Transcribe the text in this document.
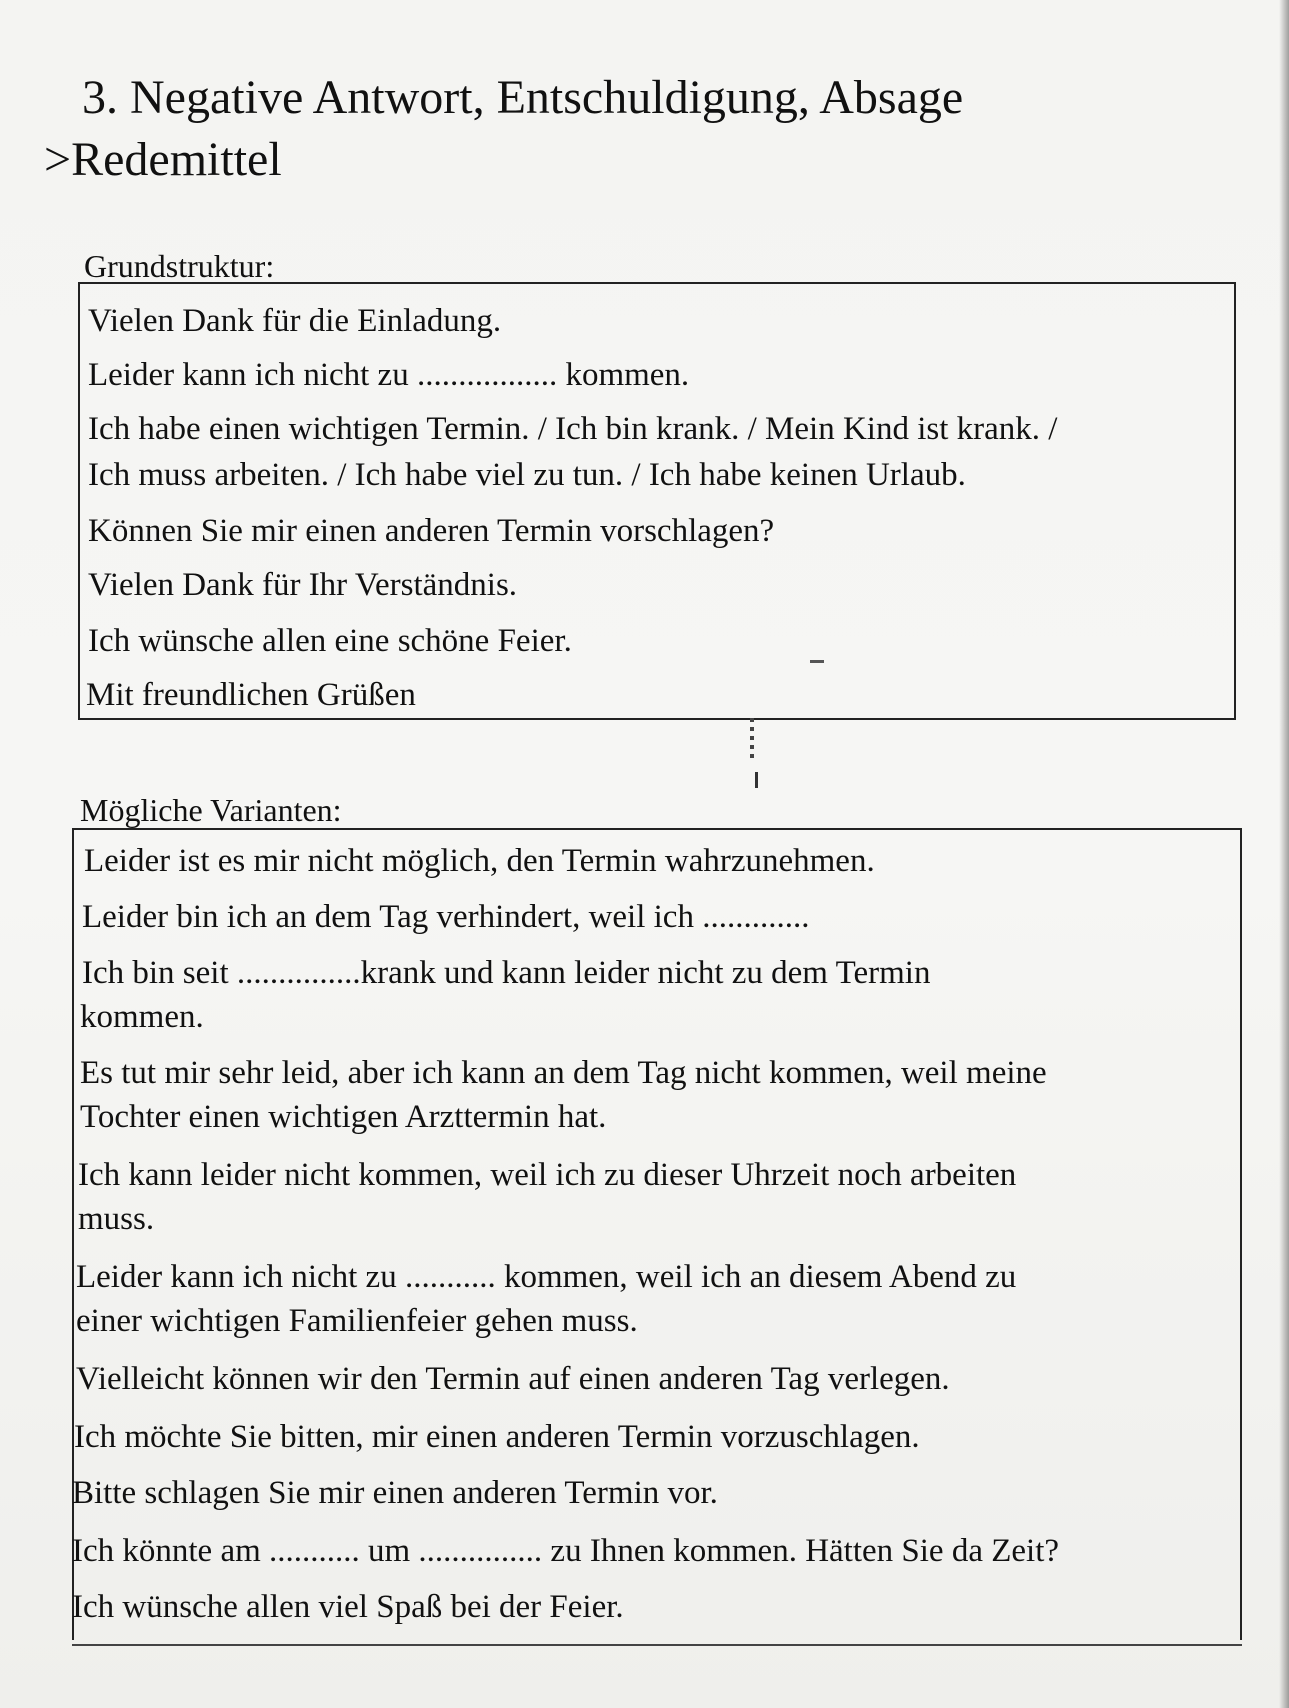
3. Negative Antwort, Entschuldigung, Absage
>Redemittel
Grundstruktur:
Vielen Dank für die Einladung.
Leider kann ich nicht zu ................. kommen.
Ich habe einen wichtigen Termin. / Ich bin krank. / Mein Kind ist krank. /
Ich muss arbeiten. / Ich habe viel zu tun. / Ich habe keinen Urlaub.
Können Sie mir einen anderen Termin vorschlagen?
Vielen Dank für Ihr Verständnis.
Ich wünsche allen eine schöne Feier.
Mit freundlichen Grüßen
Mögliche Varianten:
Leider ist es mir nicht möglich, den Termin wahrzunehmen.
Leider bin ich an dem Tag verhindert, weil ich .............
Ich bin seit ...............krank und kann leider nicht zu dem Termin
kommen.
Es tut mir sehr leid, aber ich kann an dem Tag nicht kommen, weil meine
Tochter einen wichtigen Arzttermin hat.
Ich kann leider nicht kommen, weil ich zu dieser Uhrzeit noch arbeiten
muss.
Leider kann ich nicht zu ........... kommen, weil ich an diesem Abend zu
einer wichtigen Familienfeier gehen muss.
Vielleicht können wir den Termin auf einen anderen Tag verlegen.
Ich möchte Sie bitten, mir einen anderen Termin vorzuschlagen.
Bitte schlagen Sie mir einen anderen Termin vor.
Ich könnte am ........... um ............... zu Ihnen kommen. Hätten Sie da Zeit?
Ich wünsche allen viel Spaß bei der Feier.
